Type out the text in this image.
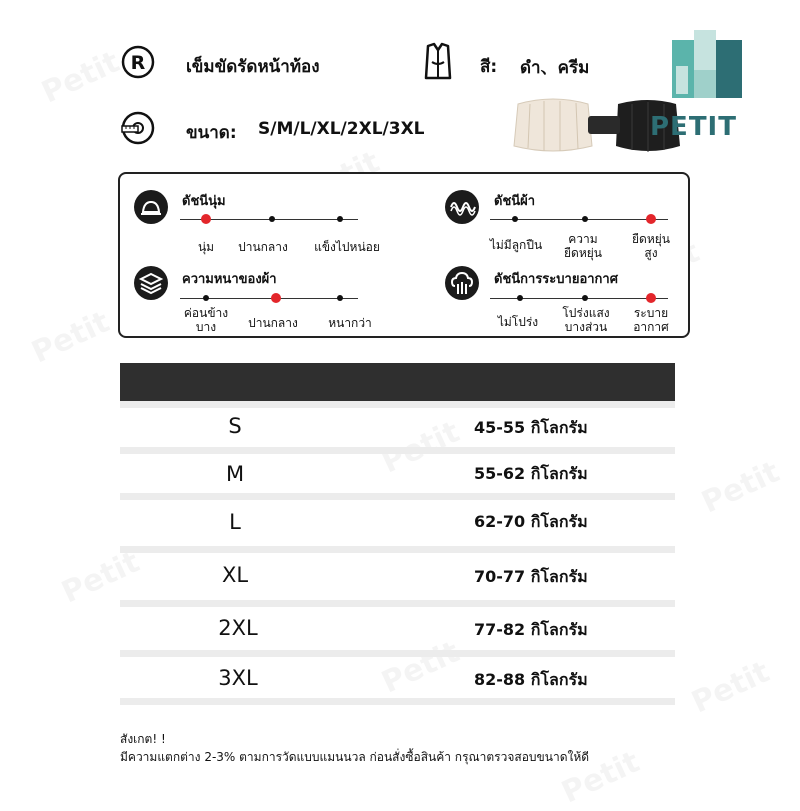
R เข็มขัดรัดหน้าท้อง	สี: ดำ、ครีม
ขนาด: S/M/L/XL/2XL/3XL	PETIT
ดัชนีนุ่ม
นุ่ม ปานกลาง แข็งไปหน่อย
ความหนาของผ้า
ค่อนข้าง
บาง	ปานกลาง	หนากว่า
ดัชนีผ้า
ไม่มีลูกปืน	ความ
ยืดหยุ่น
ยืดหยุ่น
สูง
ดัชนีการระบายอากาศ
ไม่โปร่ง
โปร่งแสง
บางส่วน
ระบาย
อากาศ
S	45-55 กิโลกรัม
M	55-62 กิโลกรัม
L	62-70 กิโลกรัม
XL	70-77 กิโลกรัม
2XL	77-82 กิโลกรัม
3XL	82-88 กิโลกรัม
สังเกต! !
มีความแตกต่าง 2-3% ตามการวัดแบบแมนนวล ก่อนสั่งซื้อสินค้า กรุณาตรวจสอบขนาดให้ดี
